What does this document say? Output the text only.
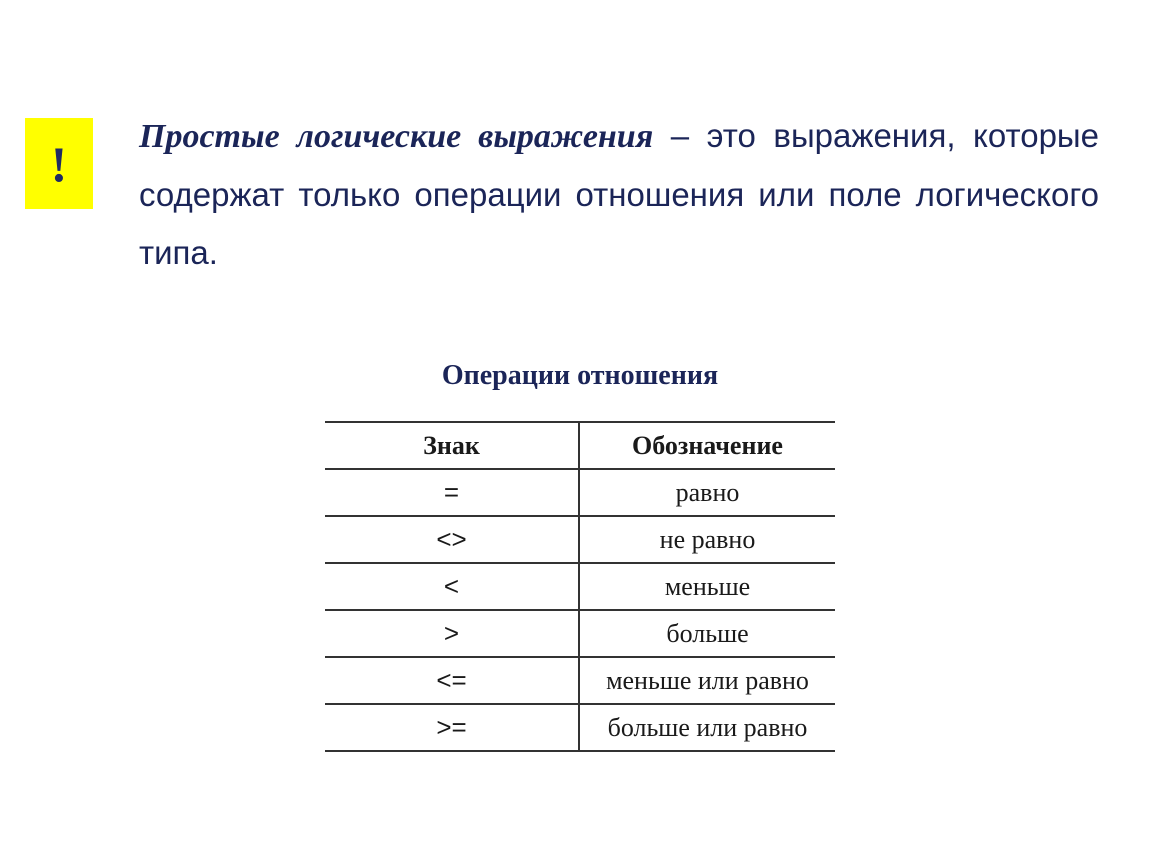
! Простые логические выражения – это выражения, которые содержат только операции отношения или поле логического типа.

Операции отношения
Знак	Обозначение
=	равно
<>	не равно
<	меньше
>	больше
<=	меньше или равно
>=	больше или равно
